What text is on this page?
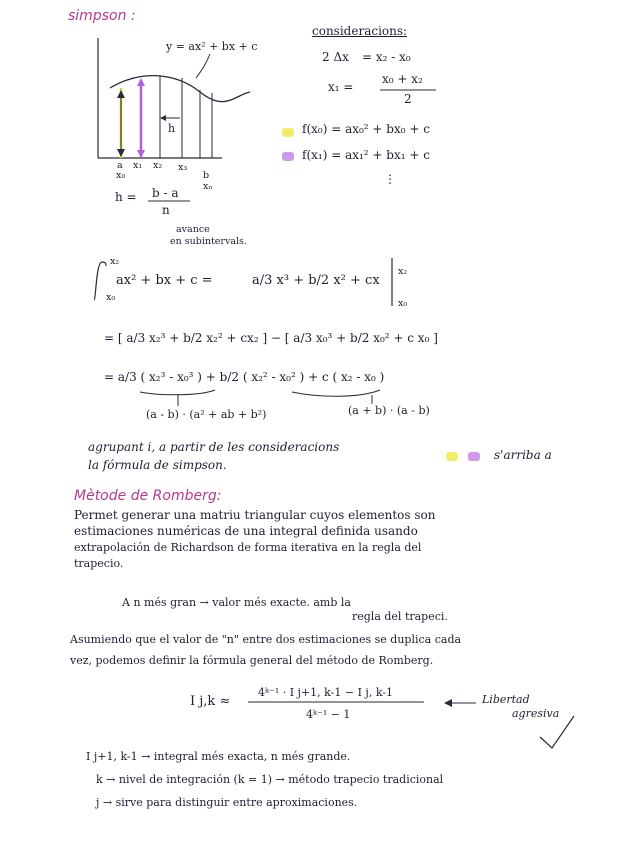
simpson :
y = ax² + bx + c
h
a
x₀
x₁ x₂ x₃
b
xₙ
h = b - a
n
avance
en subintervals.
consideracions:
2 Δx = x₂ - x₀
x₁ =
x₀ + x₂
2
f(x₀) = ax₀² + bx₀ + c
f(x₁) = ax₁² + bx₁ + c
⋮
x₂
x₀
ax² + bx + c =	a/3 x³ + b/2 x² + cx
x₂
x₀
= [ a/3 x₂³ + b/2 x₂² + cx₂ ] − [ a/3 x₀³ + b/2 x₀² + c x₀ ]
= a/3 ( x₂³ - x₀³ ) + b/2 ( x₂² - x₀² ) + c ( x₂ - x₀ )
(a - b) · (a² + ab + b²)	(a + b) · (a - b)
agrupant i, a partir de les consideracions
s'arriba a
la fórmula de simpson.
Mètode de Romberg:
Permet generar una matriu triangular cuyos elementos son
estimaciones numéricas de una integral definida usando
extrapolación de Richardson de forma iterativa en la regla del
trapecio.
A n més gran → valor més exacte. amb la
regla del trapeci.
Asumiendo que el valor de "n" entre dos estimaciones se duplica cada
vez, podemos definir la fórmula general del método de Romberg.
I j,k ≈
4ᵏ⁻¹ · I j+1, k-1 − I j, k-1
4ᵏ⁻¹ − 1
Libertad
agresiva
I j+1, k-1 → integral més exacta, n més grande.
k → nivel de integración (k = 1) → método trapecio tradicional
j → sirve para distinguir entre aproximaciones.
